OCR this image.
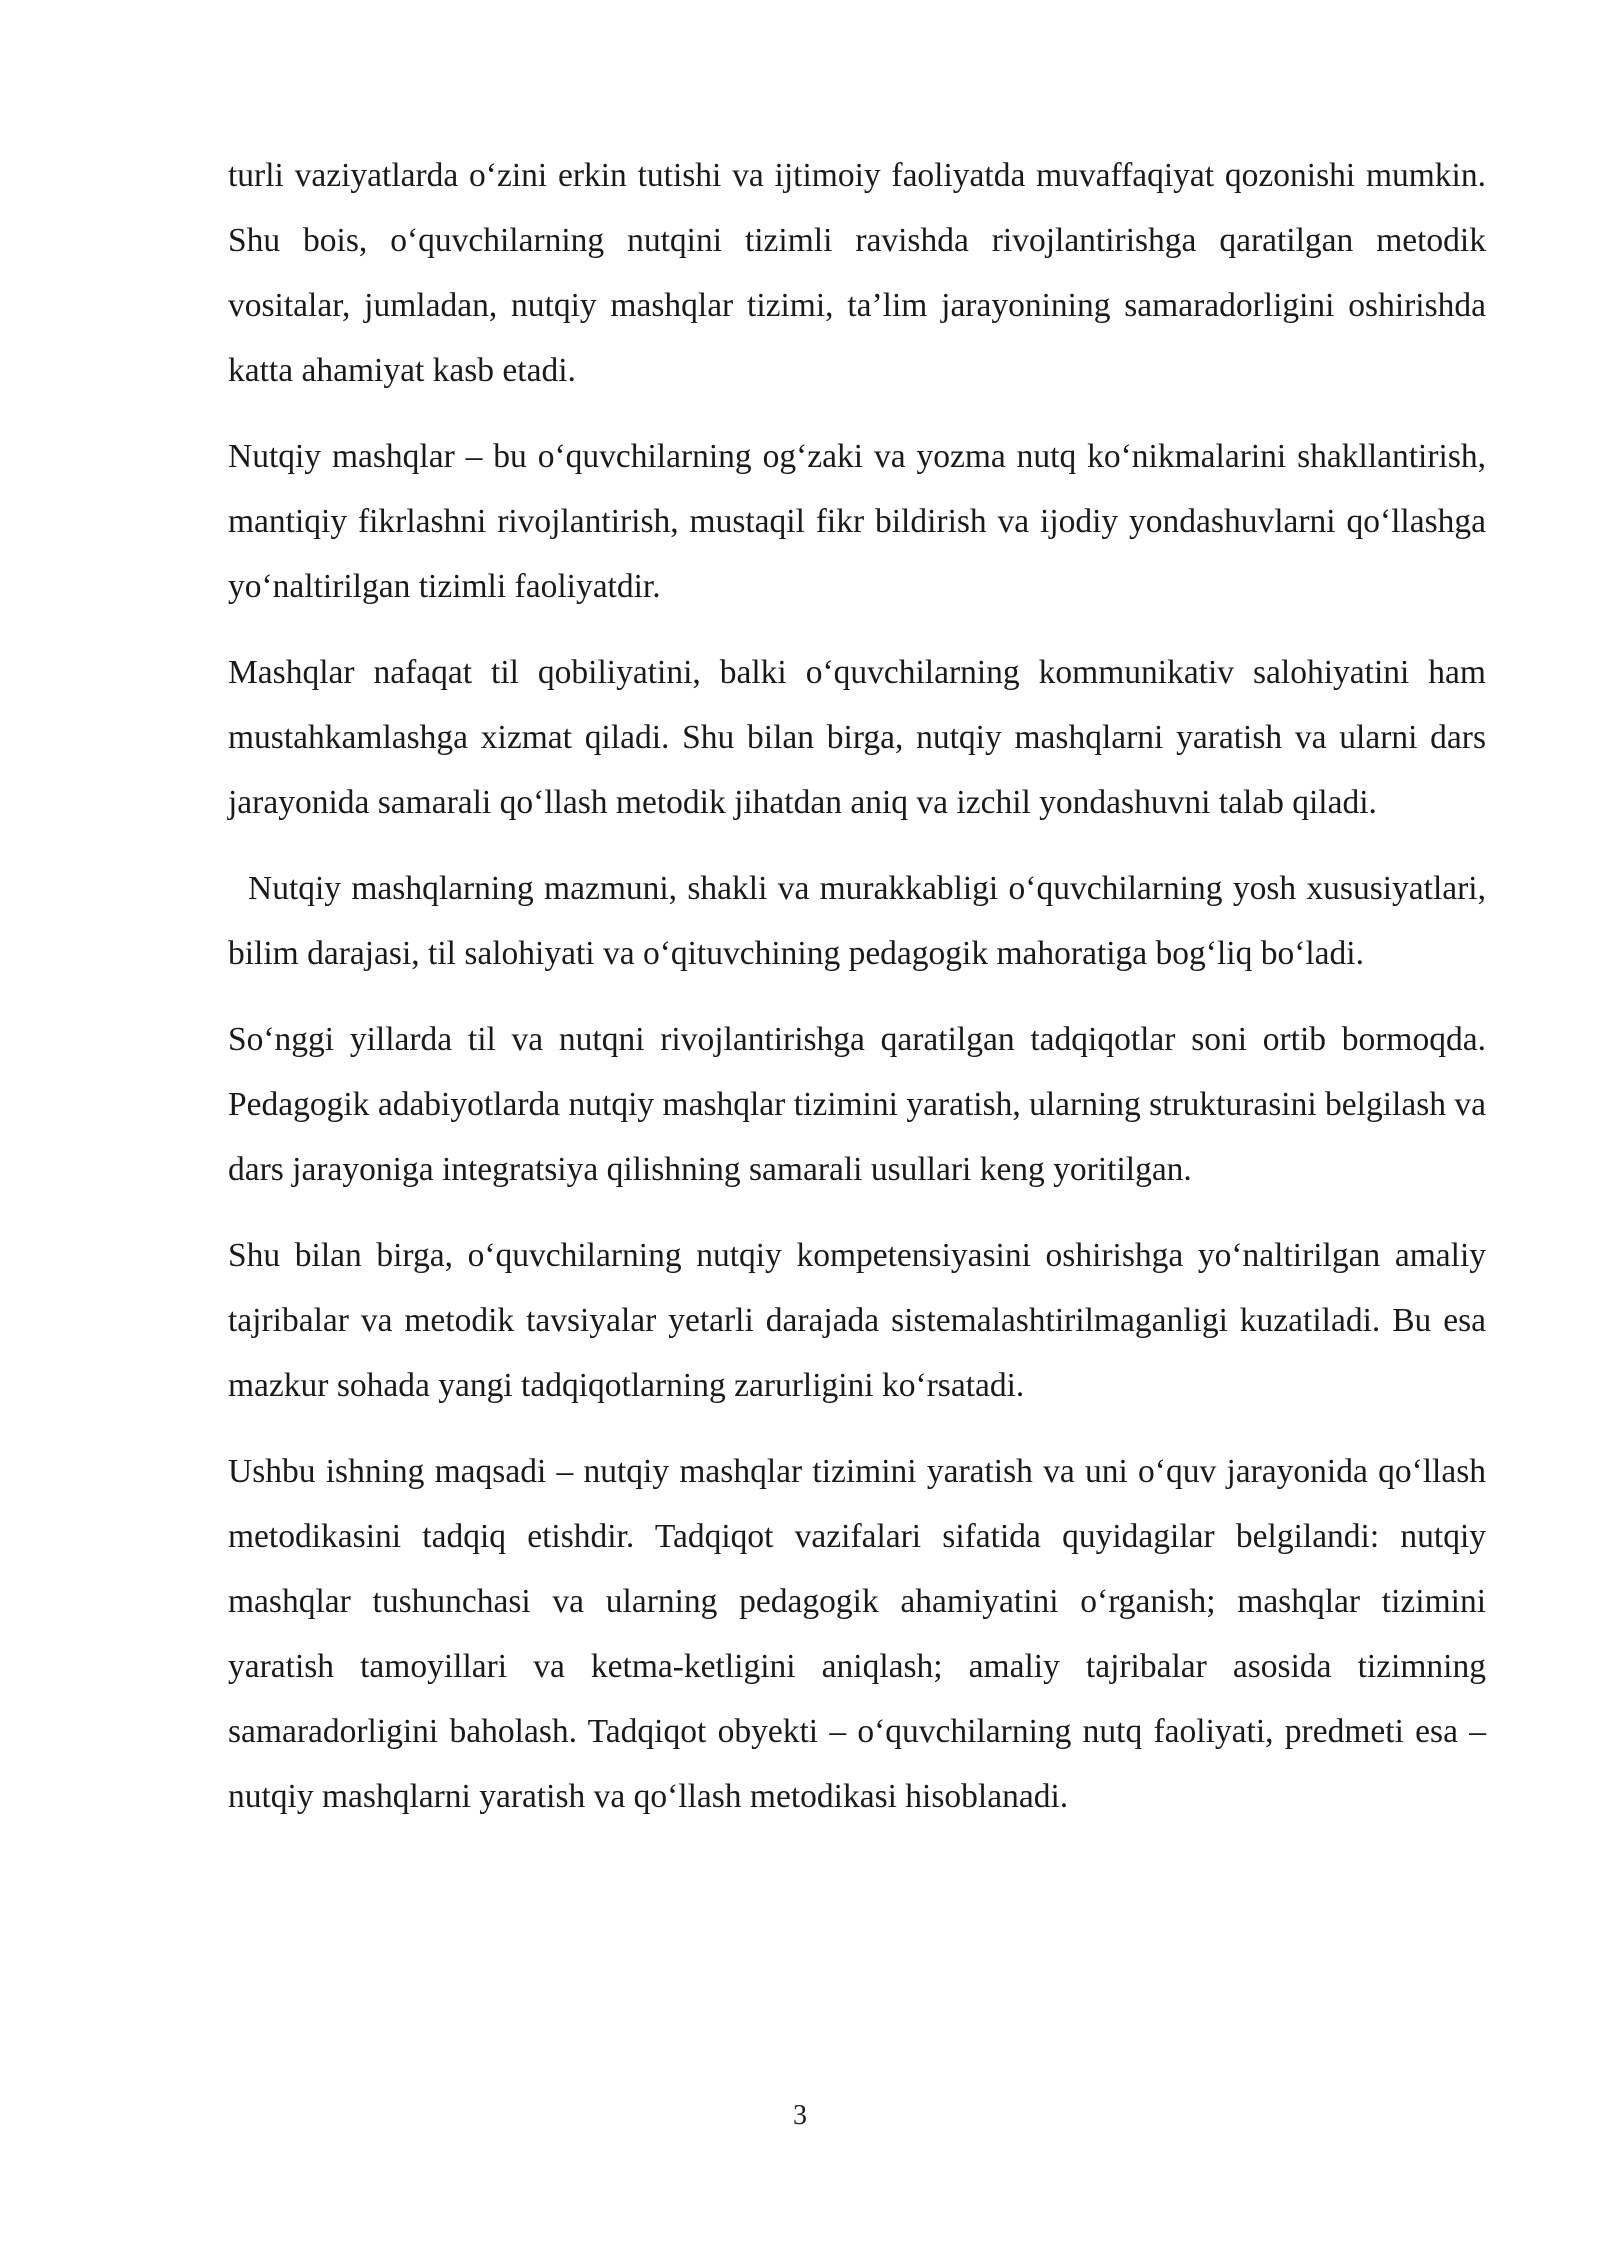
turli vaziyatlarda o‘zini erkin tutishi va ijtimoiy faoliyatda muvaffaqiyat qozonishi mumkin. Shu bois, o‘quvchilarning nutqini tizimli ravishda rivojlantirishga qaratilgan metodik vositalar, jumladan, nutqiy mashqlar tizimi, ta’lim jarayonining samaradorligini oshirishda katta ahamiyat kasb etadi.

Nutqiy mashqlar – bu o‘quvchilarning og‘zaki va yozma nutq ko‘nikmalarini shakllantirish, mantiqiy fikrlashni rivojlantirish, mustaqil fikr bildirish va ijodiy yondashuvlarni qo‘llashga yo‘naltirilgan tizimli faoliyatdir.

Mashqlar nafaqat til qobiliyatini, balki o‘quvchilarning kommunikativ salohiyatini ham mustahkamlashga xizmat qiladi. Shu bilan birga, nutqiy mashqlarni yaratish va ularni dars jarayonida samarali qo‘llash metodik jihatdan aniq va izchil yondashuvni talab qiladi.

Nutqiy mashqlarning mazmuni, shakli va murakkabligi o‘quvchilarning yosh xususiyatlari, bilim darajasi, til salohiyati va o‘qituvchining pedagogik mahoratiga bog‘liq bo‘ladi.

So‘nggi yillarda til va nutqni rivojlantirishga qaratilgan tadqiqotlar soni ortib bormoqda. Pedagogik adabiyotlarda nutqiy mashqlar tizimini yaratish, ularning strukturasini belgilash va dars jarayoniga integratsiya qilishning samarali usullari keng yoritilgan.

Shu bilan birga, o‘quvchilarning nutqiy kompetensiyasini oshirishga yo‘naltirilgan amaliy tajribalar va metodik tavsiyalar yetarli darajada sistemalashtirilmaganligi kuzatiladi. Bu esa mazkur sohada yangi tadqiqotlarning zarurligini ko‘rsatadi.

Ushbu ishning maqsadi – nutqiy mashqlar tizimini yaratish va uni o‘quv jarayonida qo‘llash metodikasini tadqiq etishdir. Tadqiqot vazifalari sifatida quyidagilar belgilandi: nutqiy mashqlar tushunchasi va ularning pedagogik ahamiyatini o‘rganish; mashqlar tizimini yaratish tamoyillari va ketma-ketligini aniqlash; amaliy tajribalar asosida tizimning samaradorligini baholash. Tadqiqot obyekti – o‘quvchilarning nutq faoliyati, predmeti esa – nutqiy mashqlarni yaratish va qo‘llash metodikasi hisoblanadi.

3
